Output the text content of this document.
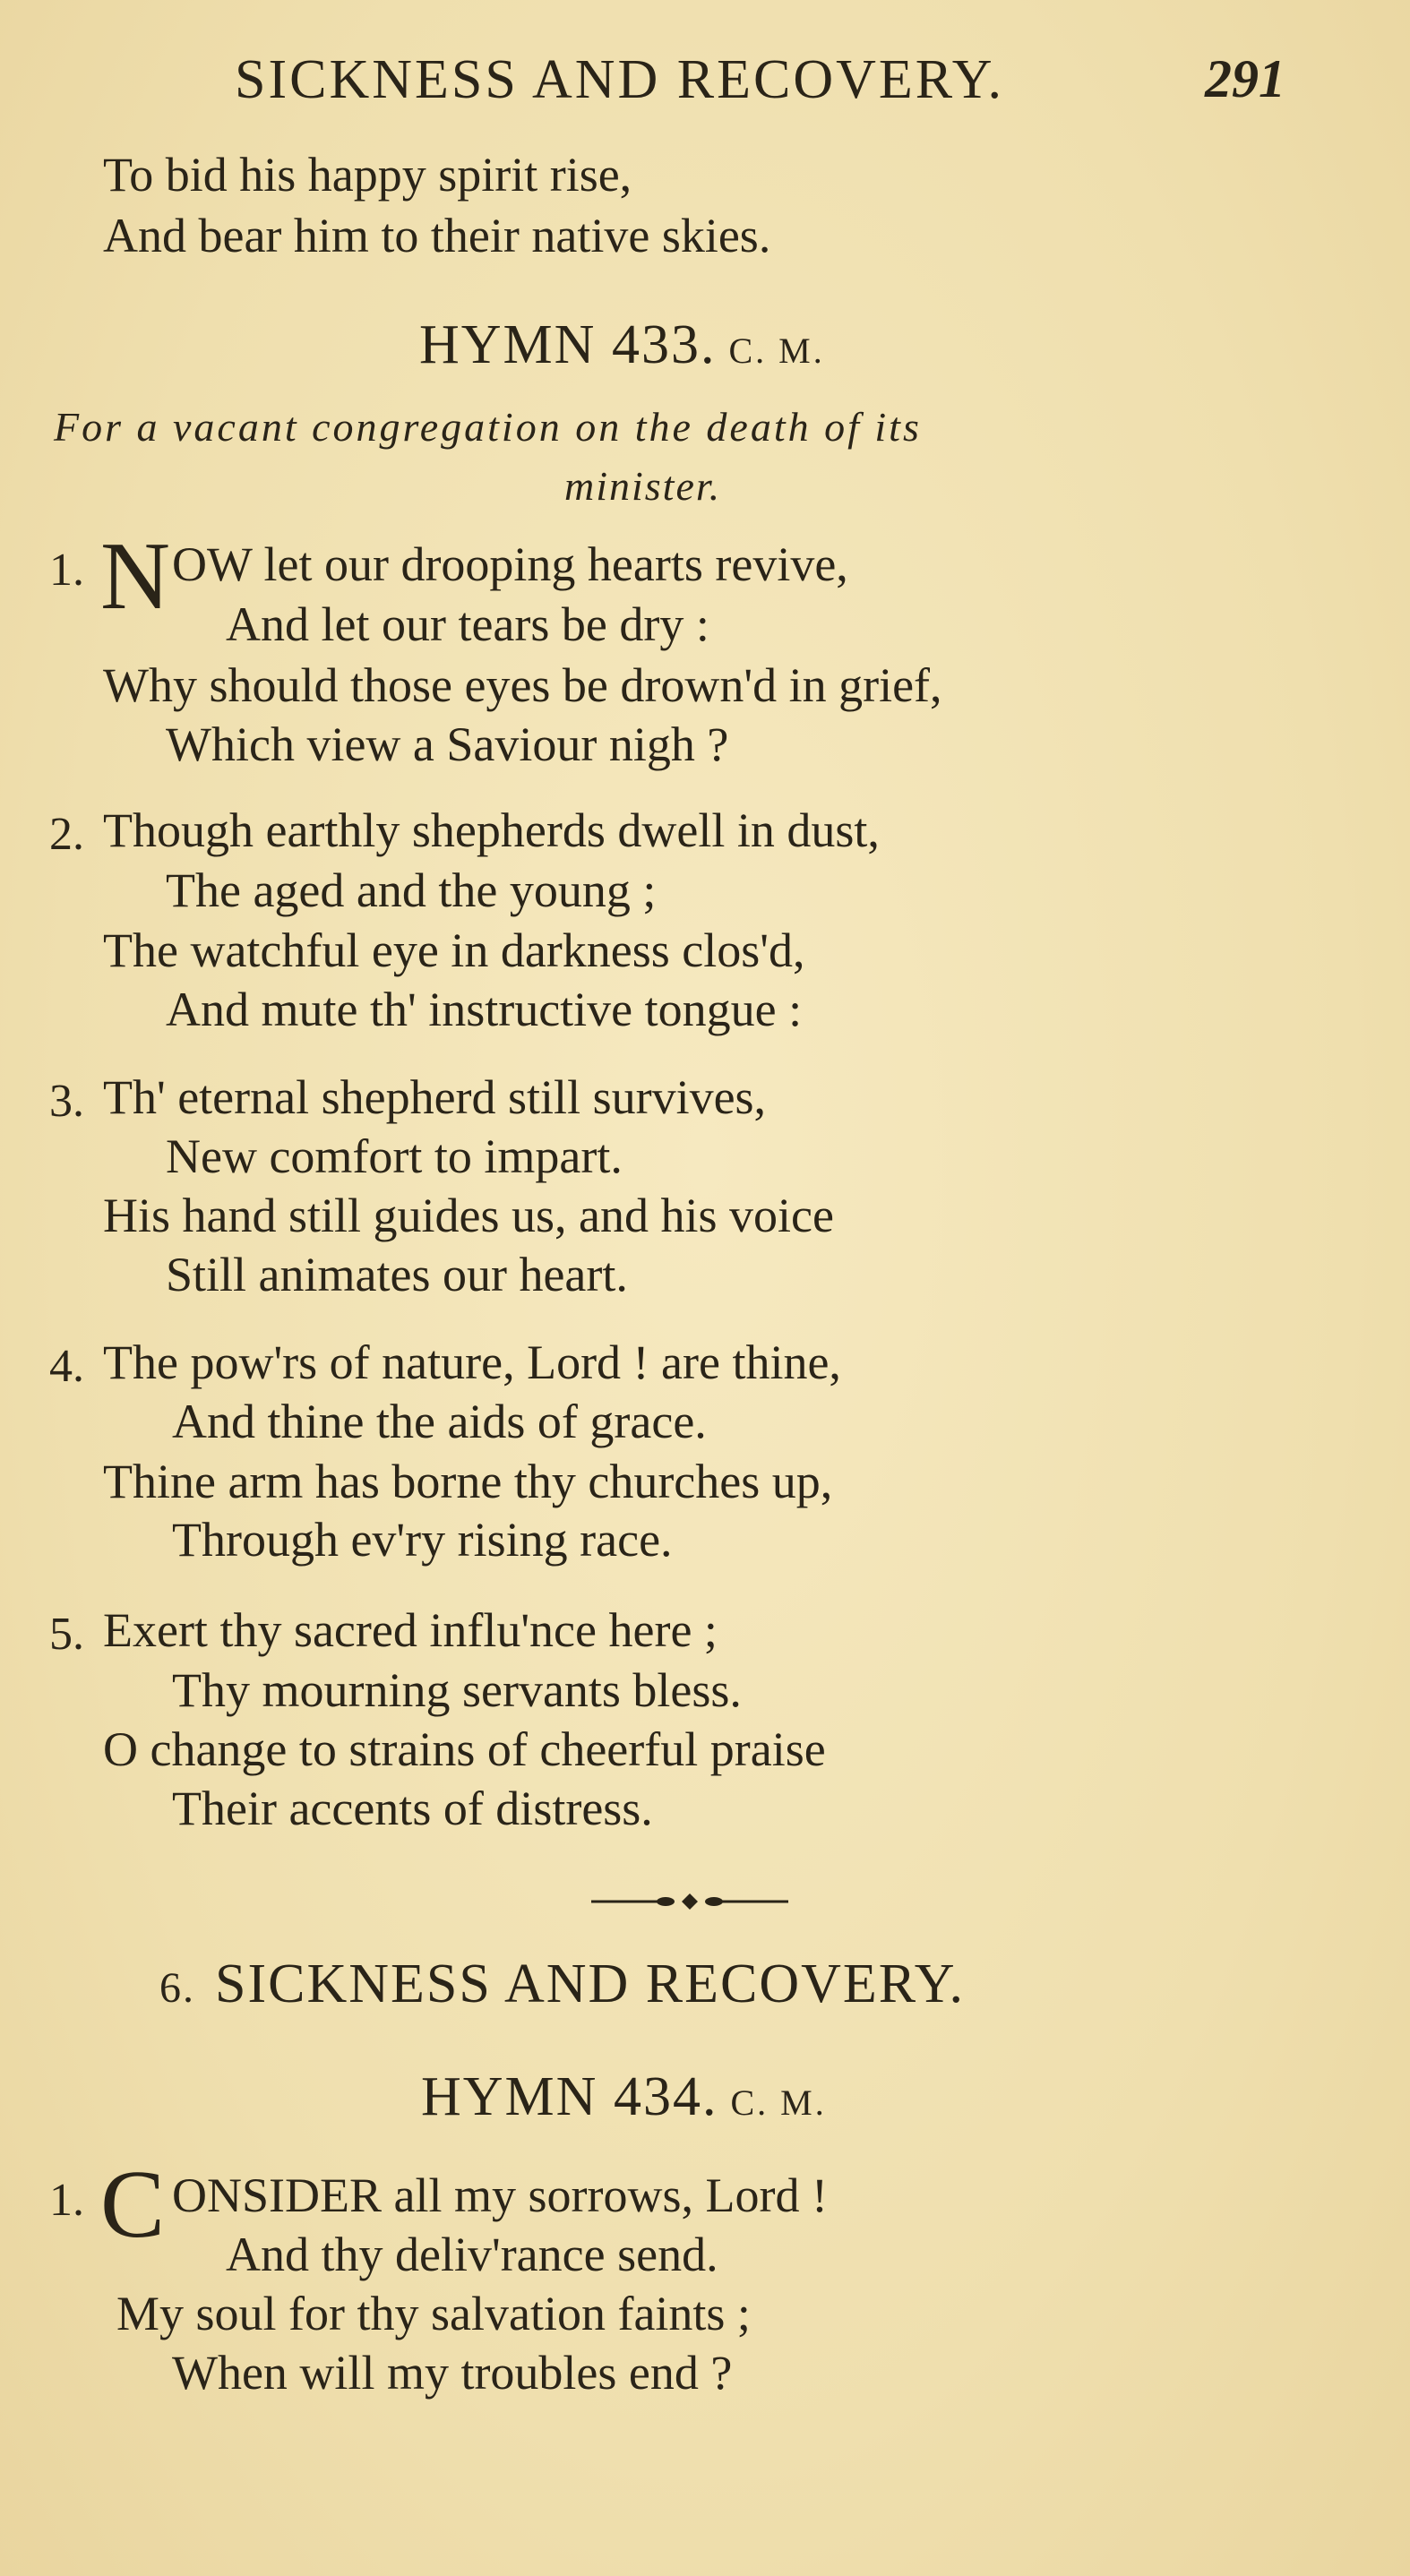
SICKNESS AND RECOVERY.	291
To bid his happy spirit rise,
And bear him to their native skies.
HYMN 433. C. M.
For a vacant congregation on the death of its
minister.
1. N OW let our drooping hearts revive,
And let our tears be dry :
Why should those eyes be drown'd in grief,
Which view a Saviour nigh ?
2. Though earthly shepherds dwell in dust,
The aged and the young ;
The watchful eye in darkness clos'd,
And mute th' instructive tongue :
3. Th' eternal shepherd still survives,
New comfort to impart.
His hand still guides us, and his voice
Still animates our heart.
4. The pow'rs of nature, Lord ! are thine,
And thine the aids of grace.
Thine arm has borne thy churches up,
Through ev'ry rising race.
5. Exert thy sacred influ'nce here ;
Thy mourning servants bless.
O change to strains of cheerful praise
Their accents of distress.
6. SICKNESS AND RECOVERY.
HYMN 434. C. M.
1. C ONSIDER all my sorrows, Lord !
And thy deliv'rance send.
My soul for thy salvation faints ;
When will my troubles end ?
